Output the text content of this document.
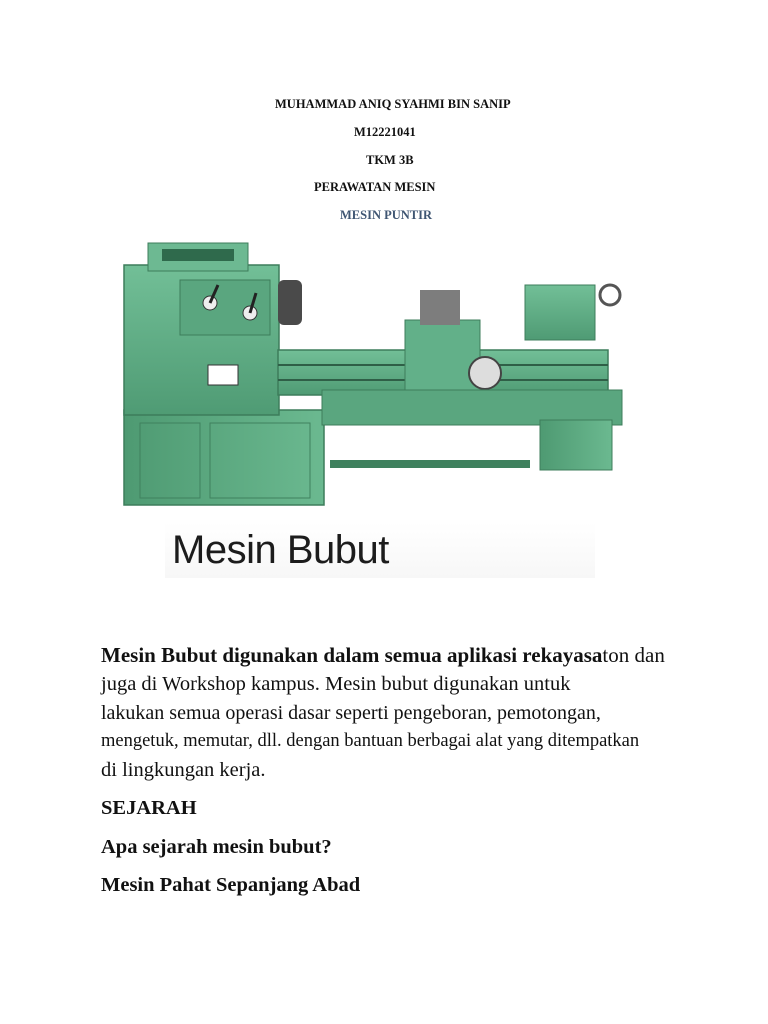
MUHAMMAD ANIQ SYAHMI BIN SANIP
M12221041
TKM 3B
PERAWATAN MESIN
MESIN PUNTIR
Mesin Bubut
Mesin Bubut digunakan dalam semua aplikasi rekayasaton dan
juga di Workshop kampus. Mesin bubut digunakan untuk
lakukan semua operasi dasar seperti pengeboran, pemotongan,
mengetuk, memutar, dll. dengan bantuan berbagai alat yang ditempatkan
di lingkungan kerja.
SEJARAH
Apa sejarah mesin bubut?
Mesin Pahat Sepanjang Abad
